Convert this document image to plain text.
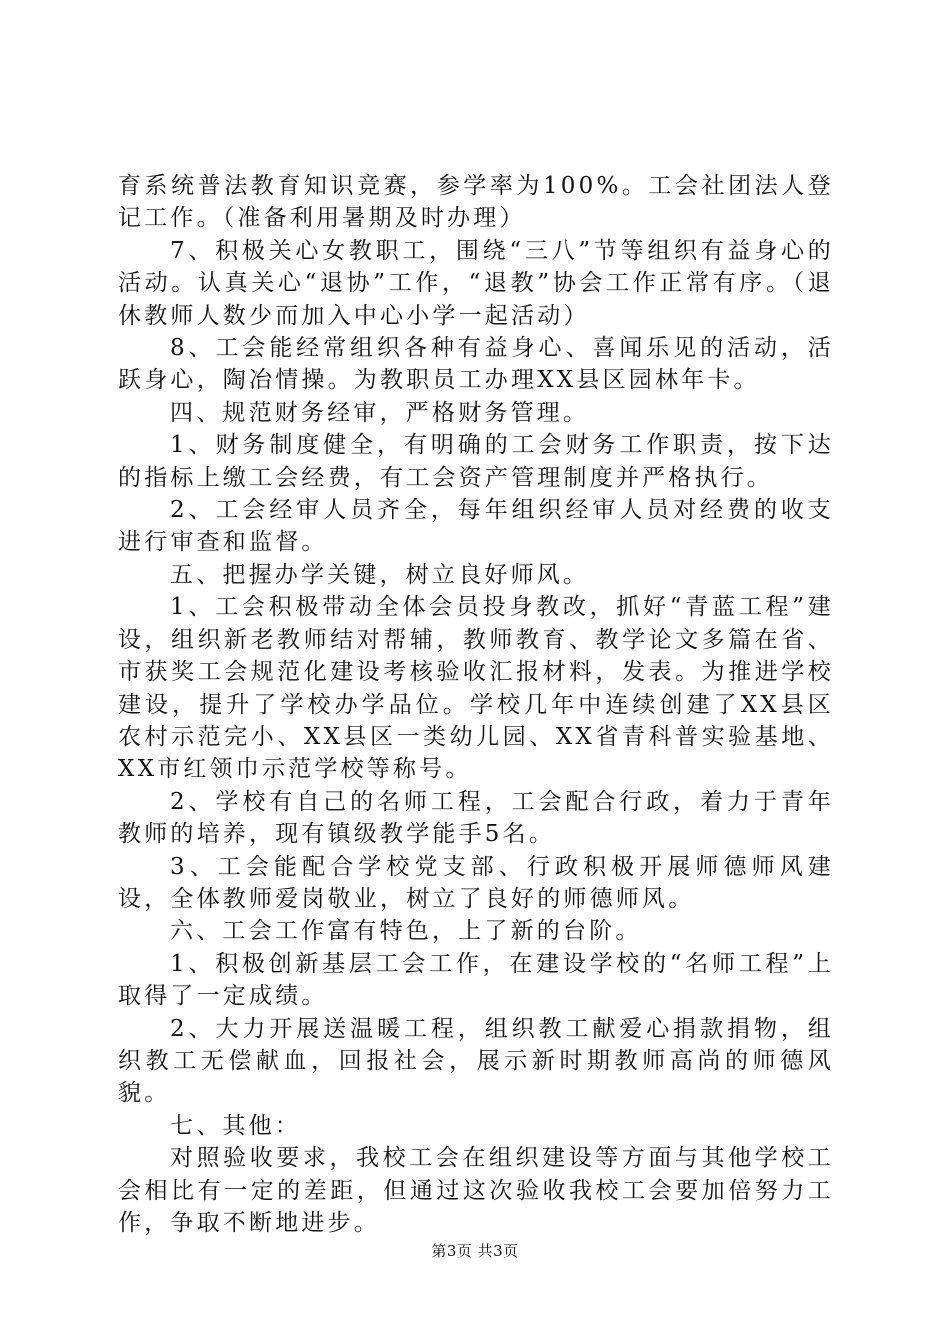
育系统普法教育知识竞赛，参学率为100%。工会社团法人登记工作。（准备利用暑期及时办理）

7、积极关心女教职工，围绕“三八”节等组织有益身心的活动。认真关心“退协”工作，“退教”协会工作正常有序。（退休教师人数少而加入中心小学一起活动）

8、工会能经常组织各种有益身心、喜闻乐见的活动，活跃身心，陶冶情操。为教职员工办理XX县区园林年卡。

四、规范财务经审，严格财务管理。

1、财务制度健全，有明确的工会财务工作职责，按下达的指标上缴工会经费，有工会资产管理制度并严格执行。

2、工会经审人员齐全，每年组织经审人员对经费的收支进行审查和监督。

五、把握办学关键，树立良好师风。

1、工会积极带动全体会员投身教改，抓好“青蓝工程”建设，组织新老教师结对帮辅，教师教育、教学论文多篇在省、市获奖工会规范化建设考核验收汇报材料，发表。为推进学校建设，提升了学校办学品位。学校几年中连续创建了XX县区农村示范完小、XX县区一类幼儿园、XX省青科普实验基地、XX市红领巾示范学校等称号。

2、学校有自己的名师工程，工会配合行政，着力于青年教师的培养，现有镇级教学能手5名。

3、工会能配合学校党支部、行政积极开展师德师风建设，全体教师爱岗敬业，树立了良好的师德师风。

六、工会工作富有特色，上了新的台阶。

1、积极创新基层工会工作，在建设学校的“名师工程”上取得了一定成绩。

2、大力开展送温暖工程，组织教工献爱心捐款捐物，组织教工无偿献血，回报社会，展示新时期教师高尚的师德风貌。

七、其他：

对照验收要求，我校工会在组织建设等方面与其他学校工会相比有一定的差距，但通过这次验收我校工会要加倍努力工作，争取不断地进步。

第3页 共3页
